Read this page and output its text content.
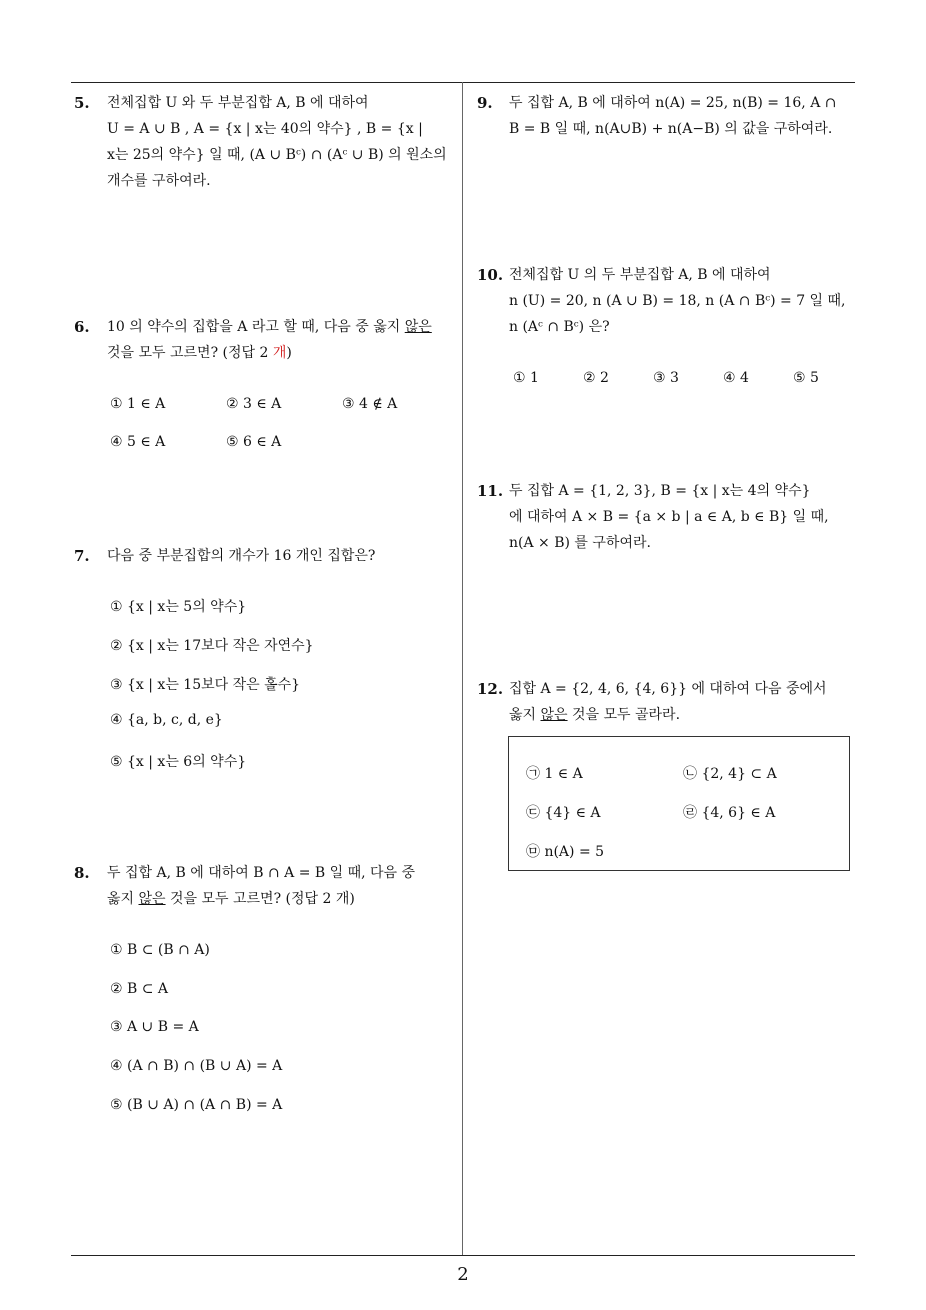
5. 전체집합 U 와 두 부분집합 A, B 에 대하여
U = A ∪ B , A = {x | x는 40의 약수} , B = {x |
x는 25의 약수} 일 때, (A ∪ Bᶜ) ∩ (Aᶜ ∪ B) 의 원소의
개수를 구하여라.
6. 10 의 약수의 집합을 A 라고 할 때, 다음 중 옳지 않은
것을 모두 고르면? (정답 2 개)
① 1 ∈ A	② 3 ∈ A	③ 4 ∉ A
④ 5 ∈ A	⑤ 6 ∈ A
7. 다음 중 부분집합의 개수가 16 개인 집합은?
① {x | x는 5의 약수}
② {x | x는 17보다 작은 자연수}
③ {x | x는 15보다 작은 홀수}
④ {a, b, c, d, e}
⑤ {x | x는 6의 약수}
8. 두 집합 A, B 에 대하여 B ∩ A = B 일 때, 다음 중
옳지 않은 것을 모두 고르면? (정답 2 개)
① B ⊂ (B ∩ A)
② B ⊂ A
③ A ∪ B = A
④ (A ∩ B) ∩ (B ∪ A) = A
⑤ (B ∪ A) ∩ (A ∩ B) = A
9. 두 집합 A, B 에 대하여 n(A) = 25, n(B) = 16, A ∩
B = B 일 때, n(A∪B) + n(A−B) 의 값을 구하여라.
10. 전체집합 U 의 두 부분집합 A, B 에 대하여
n (U) = 20, n (A ∪ B) = 18, n (A ∩ Bᶜ) = 7 일 때,
n (Aᶜ ∩ Bᶜ) 은?
① 1	② 2	③ 3	④ 4	⑤ 5
11. 두 집합 A = {1, 2, 3}, B = {x | x는 4의 약수}
에 대하여 A × B = {a × b | a ∈ A, b ∈ B} 일 때,
n(A × B) 를 구하여라.
12. 집합 A = {2, 4, 6, {4, 6}} 에 대하여 다음 중에서
옳지 않은 것을 모두 골라라.
㉠ 1 ∈ A	㉡ {2, 4} ⊂ A
㉢ {4} ∈ A	㉣ {4, 6} ∈ A
㉤ n(A) = 5
2
